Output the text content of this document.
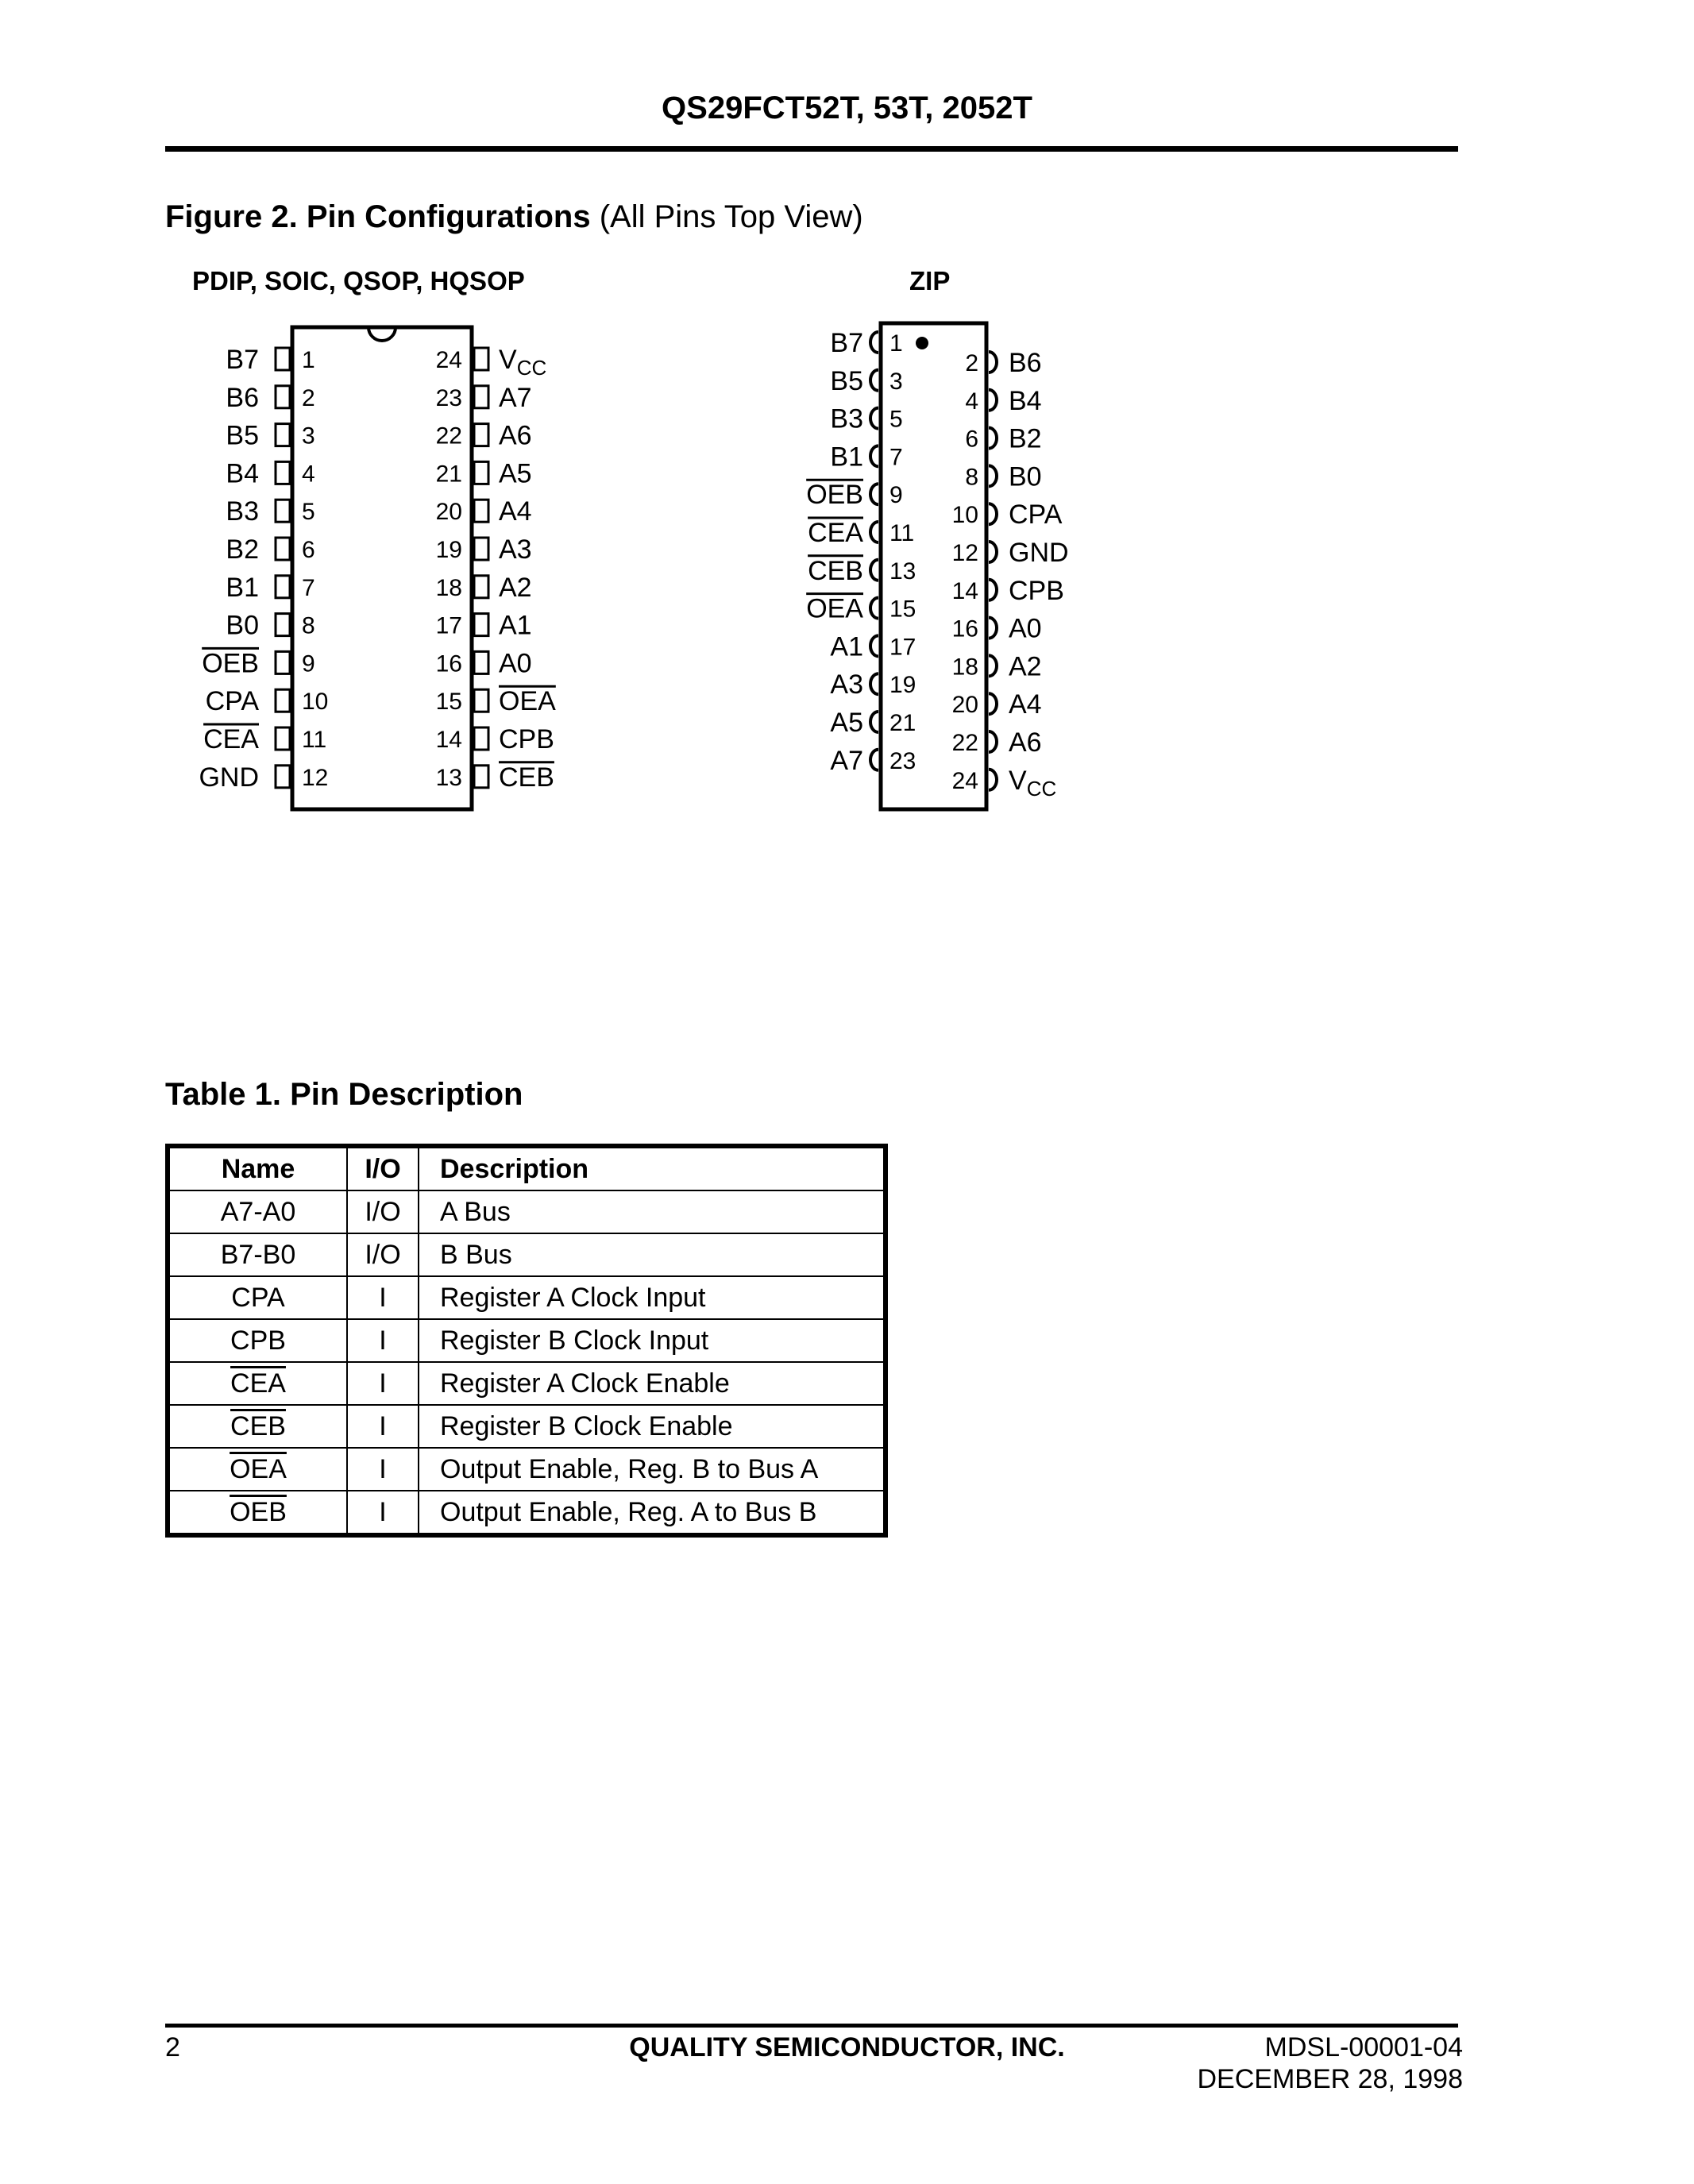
QS29FCT52T, 53T, 2052T
Figure 2. Pin Configurations (All Pins Top View)
PDIP, SOIC, QSOP, HQSOP	ZIP
1
B7
2
B6
3
B5
4
B4
5
B3
6
B2
7
B1
8
B0
9
OEB
10
CPA
11
CEA
12
GND
24 $V_{CC}$
23 A7
22 A6
21 A5
20 A4
19 A3
18 A2
17 A1
16 A0
15 OEA
14 CPB
13 CEB
1
B7
3
B5
5
B3
7
B1
9
OEB
11
CEA
13
CEB
15
OEA
17
A1
19
A3
21
A5
23
A7
2 B6
4 B4
6 B2
8 B0
10 CPA
12 GND
14 CPB
16 A0
18 A2
20 A4
22 A6
24 $V_{CC}$
Table 1. Pin Description
Name	I/O	Description
A7-A0	I/O	A Bus
B7-B0	I/O	B Bus
CPA	I	Register A Clock Input
CPB	I	Register B Clock Input
$\overline{CEA}$	I	Register A Clock Enable
$\overline{CEB}$	I	Register B Clock Enable
$\overline{OEA}$	I	Output Enable, Reg. B to Bus A
$\overline{OEB}$	I	Output Enable, Reg. A to Bus B
2	QUALITY SEMICONDUCTOR, INC.	MDSL-00001-04
DECEMBER 28, 1998
